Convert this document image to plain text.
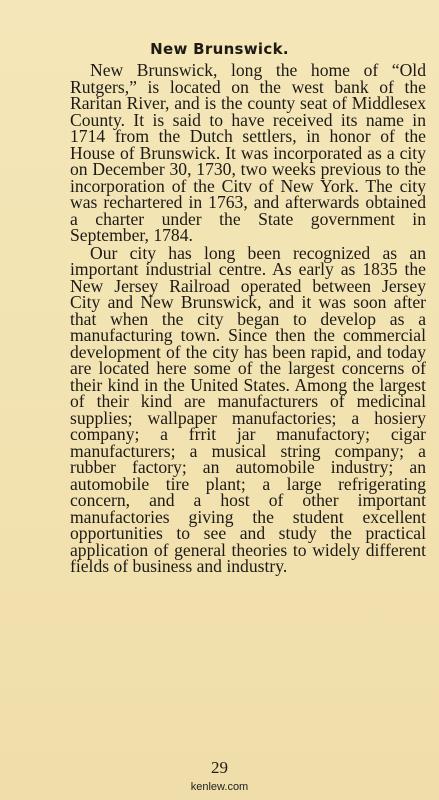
New Brunswick.

New Brunswick, long the home of “Old Rutgers,” is located on the west bank of the Raritan River, and is the county seat of Middlesex County. It is said to have received its name in 1714 from the Dutch settlers, in honor of the House of Brunswick. It was incorporated as a city on December 30, 1730, two weeks previous to the incorporation of the Citv of New York. The city was rechartered in 1763, and afterwards obtained a charter under the State government in September, 1784.

Our city has long been recognized as an important industrial centre. As early as 1835 the New Jersey Railroad operated between Jersey City and New Brunswick, and it was soon after that when the city began to develop as a manufacturing town. Since then the commercial development of the city has been rapid, and today are located here some of the largest concerns of their kind in the United States. Among the largest of their kind are manufacturers of medicinal supplies; wallpaper manufactories; a hosiery company; a frrit jar manufactory; cigar manufacturers; a musical string company; a rubber factory; an automobile industry; an automobile tire plant; a large refrigerating concern, and a host of other important manufactories giving the student excellent opportunities to see and study the practical application of general theories to widely different fields of business and industry.

29
kenlew.com
